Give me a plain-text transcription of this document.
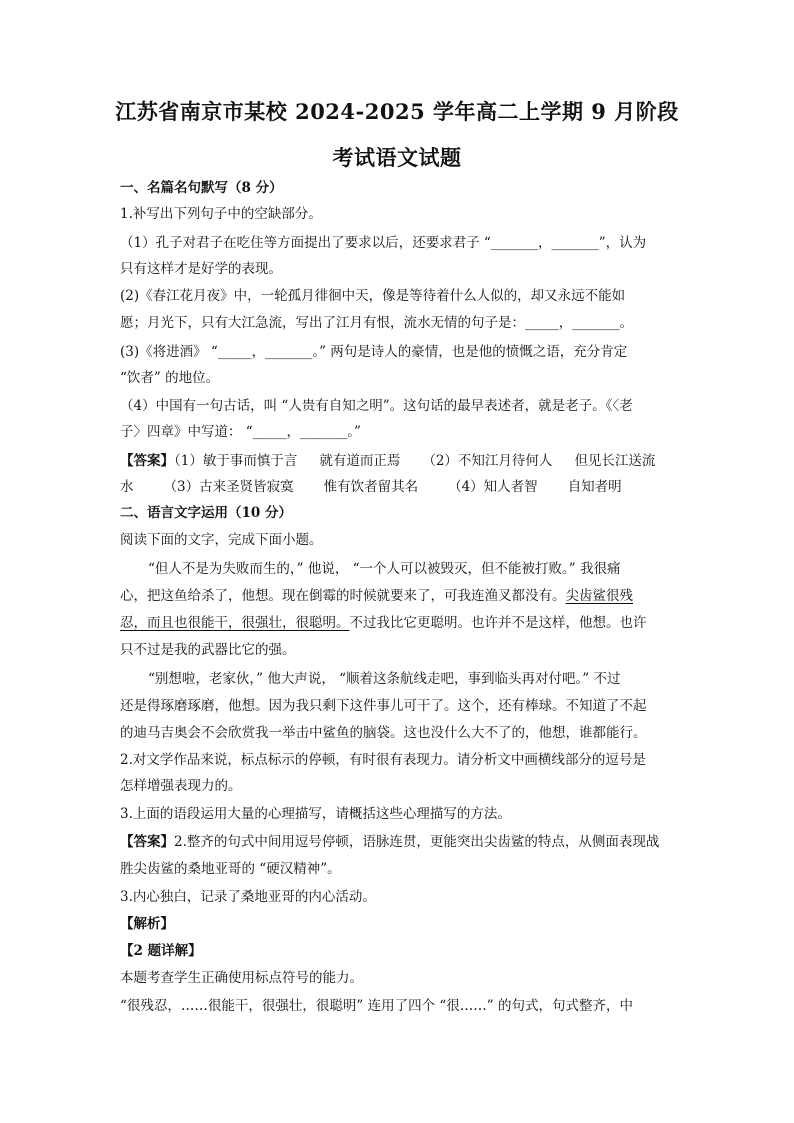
江苏省南京市某校 2024-2025 学年高二上学期 9 月阶段
考试语文试题
一、名篇名句默写（8 分）
1.补写出下列句子中的空缺部分。
（1）孔子对君子在吃住等方面提出了要求以后，还要求君子 “_______，_______”，认为
只有这样才是好学的表现。
(2)《春江花月夜》中，一轮孤月徘徊中天，像是等待着什么人似的，却又永远不能如
愿；月光下，只有大江急流，写出了江月有恨，流水无情的句子是：_____，_______。
(3)《将进酒》 “_____，_______。” 两句是诗人的豪情，也是他的愤慨之语，充分肯定
“饮者” 的地位。
（4）中国有一句古话，叫 “人贵有自知之明”。这句话的最早表述者，就是老子。《〈老
子〉四章》中写道： “_____，_______。”
【答案】（1）敏于事而慎于言 就有道而正焉 （2）不知江月待何人 但见长江送流
水 （3）古来圣贤皆寂寞 惟有饮者留其名 （4）知人者智 自知者明
二、语言文字运用（10 分）
阅读下面的文字，完成下面小题。
“但人不是为失败而生的，” 他说， “一个人可以被毁灭，但不能被打败。” 我很痛
心，把这鱼给杀了，他想。现在倒霉的时候就要来了，可我连渔叉都没有。尖齿鲨很残
忍，而且也很能干，很强壮，很聪明。不过我比它更聪明。也许并不是这样，他想。也许
只不过是我的武器比它的强。
“别想啦，老家伙，” 他大声说， “顺着这条航线走吧，事到临头再对付吧。” 不过
还是得琢磨琢磨，他想。因为我只剩下这件事儿可干了。这个，还有棒球。不知道了不起
的迪马吉奥会不会欣赏我一举击中鲨鱼的脑袋。这也没什么大不了的，他想，谁都能行。
2.对文学作品来说，标点标示的停顿，有时很有表现力。请分析文中画横线部分的逗号是
怎样增强表现力的。
3.上面的语段运用大量的心理描写，请概括这些心理描写的方法。
【答案】2.整齐的句式中间用逗号停顿，语脉连贯，更能突出尖齿鲨的特点，从侧面表现战
胜尖齿鲨的桑地亚哥的 “硬汉精神”。
3.内心独白，记录了桑地亚哥的内心活动。
【解析】
【2 题详解】
本题考查学生正确使用标点符号的能力。
“很残忍，……很能干，很强壮，很聪明” 连用了四个 “很……” 的句式，句式整齐，中
